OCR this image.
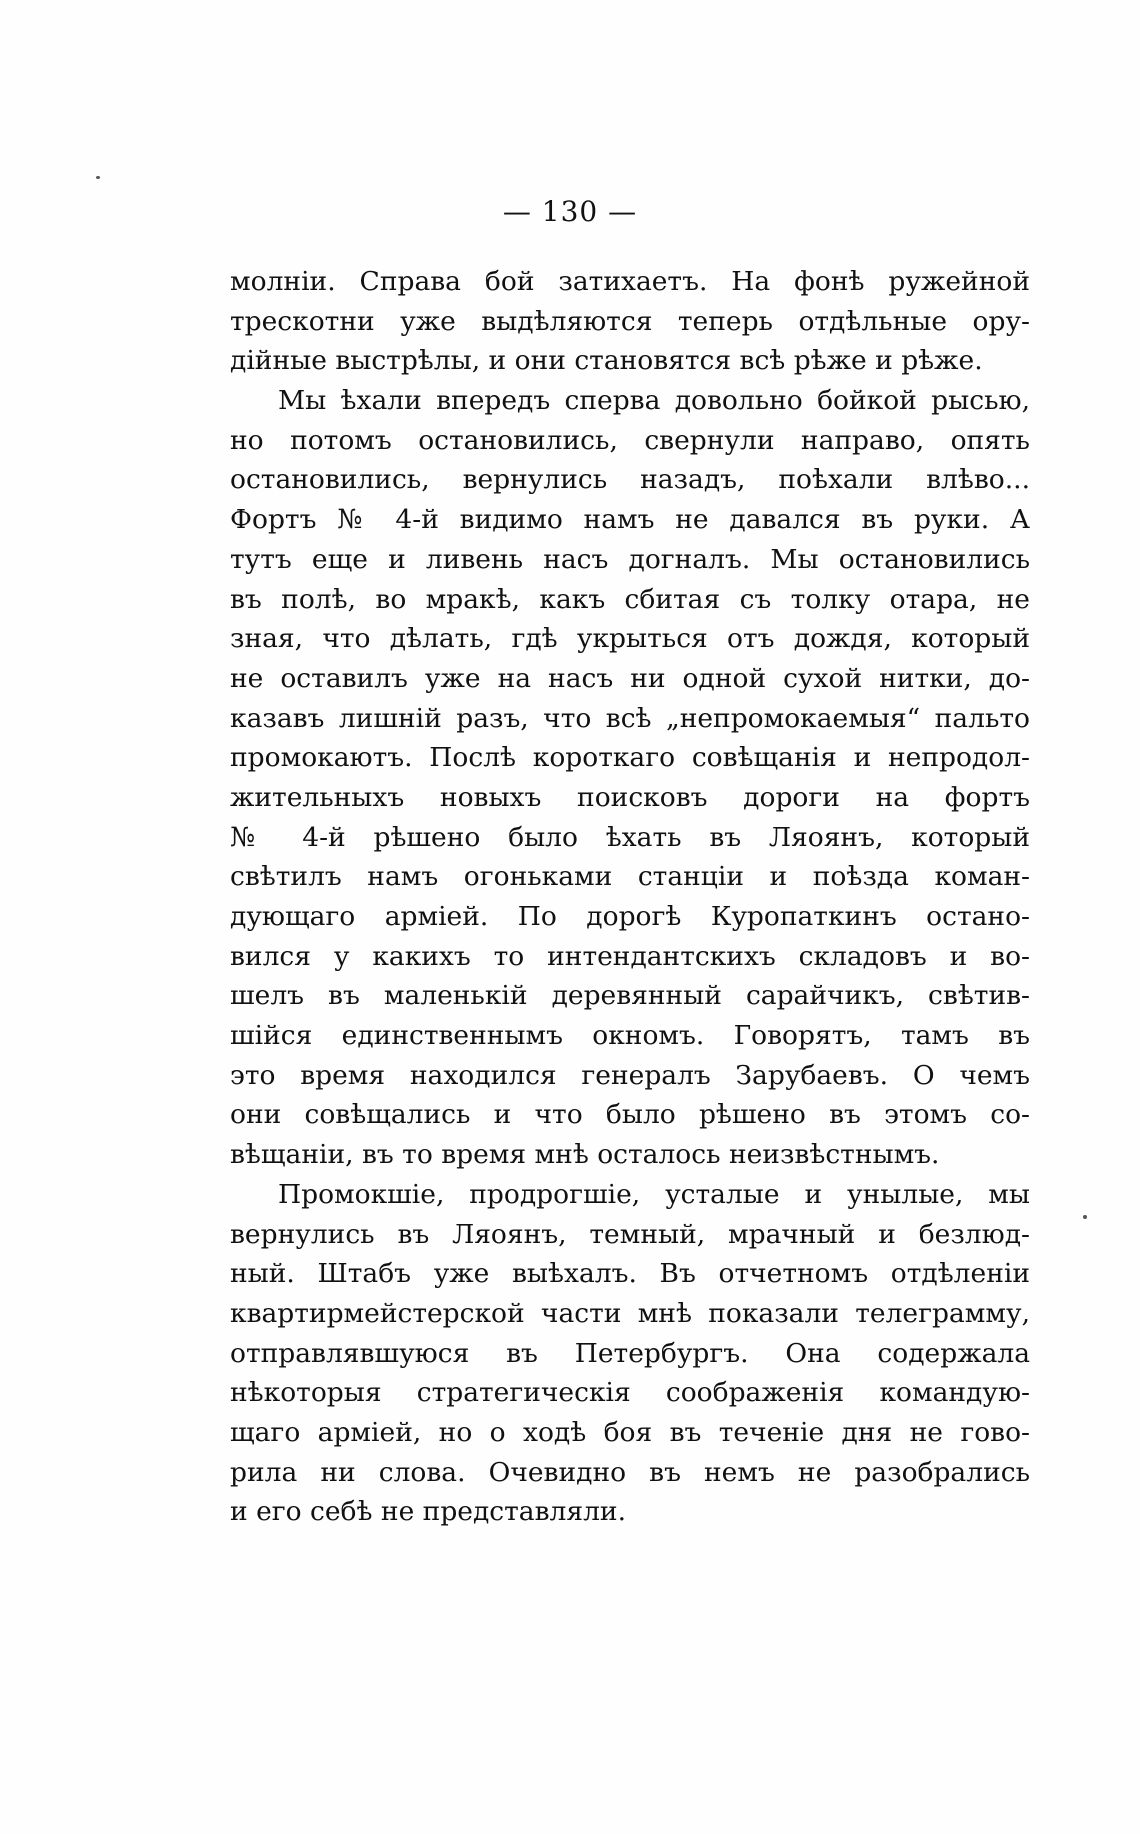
— 130 —
молніи. Справа бой затихаетъ. На фонѣ ружейной
трескотни уже выдѣляются теперь отдѣльные ору-
дійные выстрѣлы, и они становятся всѣ рѣже и рѣже.
Мы ѣхали впередъ сперва довольно бойкой рысью,
но потомъ остановились, свернули направо, опять
остановились, вернулись назадъ, поѣхали влѣво...
Фортъ № 4-й видимо намъ не давался въ руки. А
тутъ еще и ливень насъ догналъ. Мы остановились
въ полѣ, во мракѣ, какъ сбитая съ толку отара, не
зная, что дѣлать, гдѣ укрыться отъ дождя, который
не оставилъ уже на насъ ни одной сухой нитки, до-
казавъ лишній разъ, что всѣ „непромокаемыя“ пальто
промокаютъ. Послѣ короткаго совѣщанія и непродол-
жительныхъ новыхъ поисковъ дороги на фортъ
№ 4-й рѣшено было ѣхать въ Ляоянъ, который
свѣтилъ намъ огоньками станціи и поѣзда коман-
дующаго арміей. По дорогѣ Куропаткинъ остано-
вился у какихъ то интендантскихъ складовъ и во-
шелъ въ маленькій деревянный сарайчикъ, свѣтив-
шійся единственнымъ окномъ. Говорятъ, тамъ въ
это время находился генералъ Зарубаевъ. О чемъ
они совѣщались и что было рѣшено въ этомъ со-
вѣщаніи, въ то время мнѣ осталось неизвѣстнымъ.
Промокшіе, продрогшіе, усталые и унылые, мы
вернулись въ Ляоянъ, темный, мрачный и безлюд-
ный. Штабъ уже выѣхалъ. Въ отчетномъ отдѣленіи
квартирмейстерской части мнѣ показали телеграмму,
отправлявшуюся въ Петербургъ. Она содержала
нѣкоторыя стратегическія соображенія командую-
щаго арміей, но о ходѣ боя въ теченіе дня не гово-
рила ни слова. Очевидно въ немъ не разобрались
и его себѣ не представляли.
